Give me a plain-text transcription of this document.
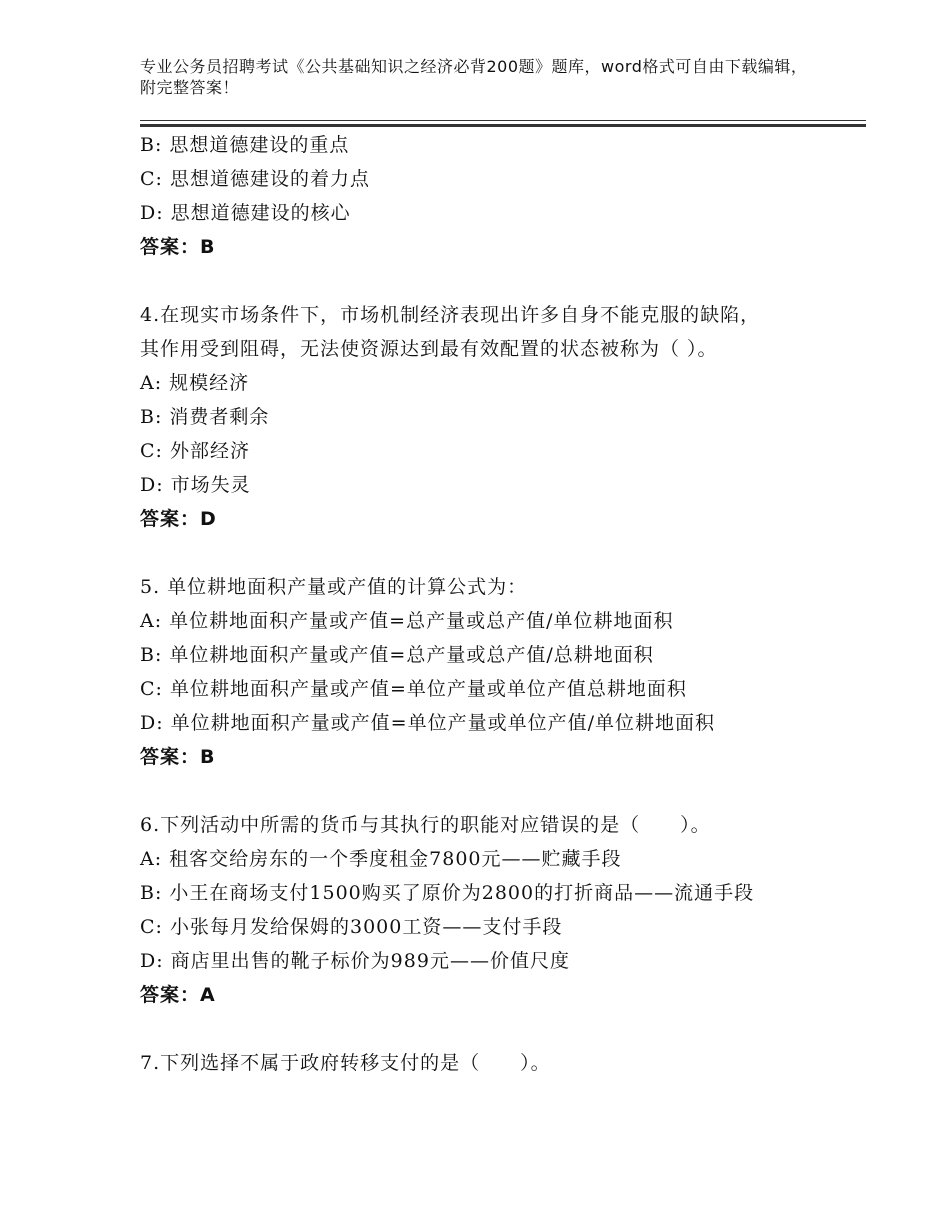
专业公务员招聘考试《公共基础知识之经济必背200题》题库，word格式可自由下载编辑，附完整答案！
B: 思想道德建设的重点
C: 思想道德建设的着力点
D: 思想道德建设的核心
答案：B
4.在现实市场条件下，市场机制经济表现出许多自身不能克服的缺陷，其作用受到阻碍，无法使资源达到最有效配置的状态被称为（ ）。
A: 规模经济
B: 消费者剩余
C: 外部经济
D: 市场失灵
答案：D
5. 单位耕地面积产量或产值的计算公式为：
A: 单位耕地面积产量或产值=总产量或总产值/单位耕地面积
B: 单位耕地面积产量或产值=总产量或总产值/总耕地面积
C: 单位耕地面积产量或产值=单位产量或单位产值总耕地面积
D: 单位耕地面积产量或产值=单位产量或单位产值/单位耕地面积
答案：B
6.下列活动中所需的货币与其执行的职能对应错误的是（　　）。
A: 租客交给房东的一个季度租金7800元——贮藏手段
B: 小王在商场支付1500购买了原价为2800的打折商品——流通手段
C: 小张每月发给保姆的3000工资——支付手段
D: 商店里出售的靴子标价为989元——价值尺度
答案：A
7.下列选择不属于政府转移支付的是（　　）。
